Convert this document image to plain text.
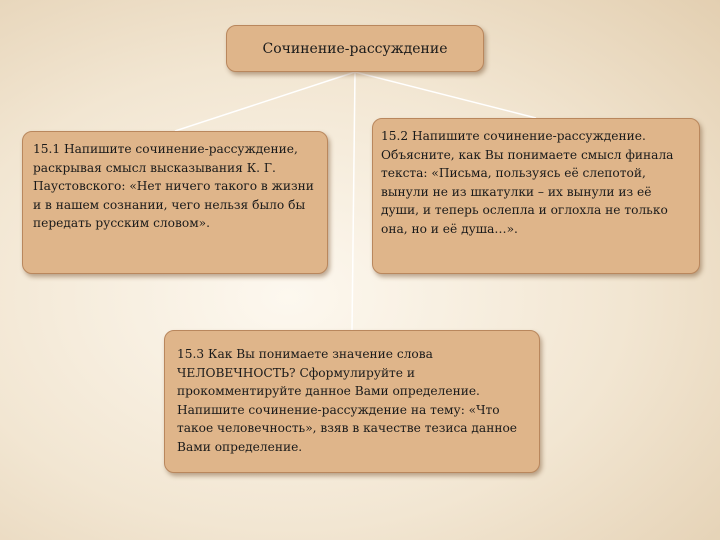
Сочинение-рассуждение
15.1 Напишите сочинение-рассуждение, раскрывая смысл высказывания К. Г. Паустовского: «Нет ничего такого в жизни и в нашем сознании, чего нельзя было бы передать русским словом».
15.2 Напишите сочинение-рассуждение. Объясните, как Вы понимаете смысл финала текста: «Письма, пользуясь её слепотой, вынули не из шкатулки – их вынули из её души, и теперь ослепла и оглохла не только она, но и её душа…».
15.3 Как Вы понимаете значение слова ЧЕЛОВЕЧНОСТЬ? Сформулируйте и прокомментируйте данное Вами определение. Напишите сочинение-рассуждение на тему: «Что такое человечность», взяв в качестве тезиса данное Вами определение.
